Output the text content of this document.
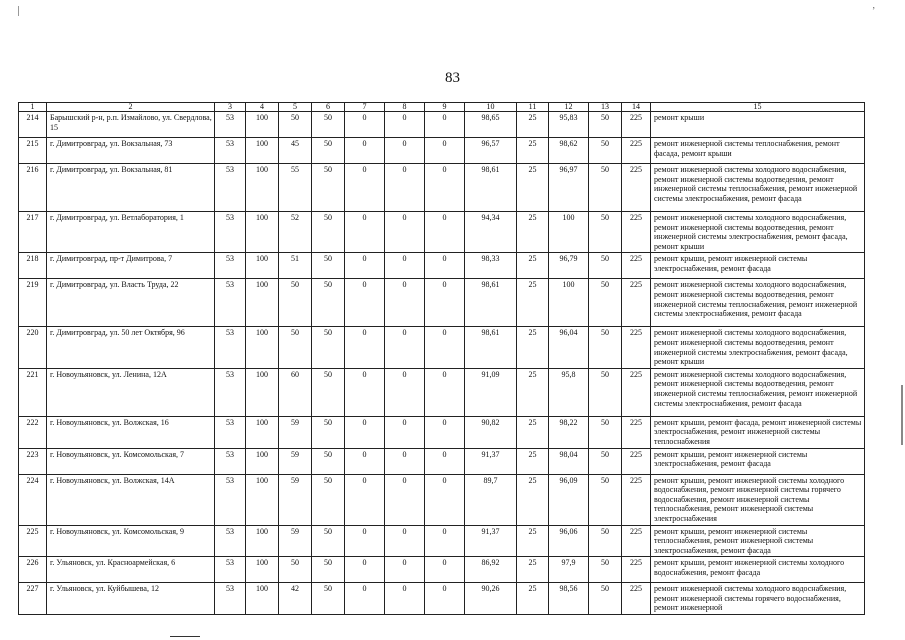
‚
83
1	2	3	4	5	6	7	8	9	10	11	12	13	14	15
214	Барышский р-н, р.п. Измайлово, ул. Свердлова, 15	53	100	50	50	0	0	0	98,65	25	95,83	50	225	ремонт крыши
215	г. Димитровград, ул. Вокзальная, 73	53	100	45	50	0	0	0	96,57	25	98,62	50	225	ремонт инженерной системы теплоснабжения, ремонт фасада, ремонт крыши
216	г. Димитровград, ул. Вокзальная, 81	53	100	55	50	0	0	0	98,61	25	96,97	50	225	ремонт инженерной системы холодного водоснабжения, ремонт инженерной системы водоотведения, ремонт инженерной системы теплоснабжения, ремонт инженерной системы электроснабжения, ремонт фасада
217	г. Димитровград, ул. Ветлаборатория, 1	53	100	52	50	0	0	0	94,34	25	100	50	225	ремонт инженерной системы холодного водоснабжения, ремонт инженерной системы водоотведения, ремонт инженерной системы электроснабжения, ремонт фасада, ремонт крыши
218	г. Димитровград, пр-т Димитрова, 7	53	100	51	50	0	0	0	98,33	25	96,79	50	225	ремонт крыши, ремонт инженерной системы электроснабжения, ремонт фасада
219	г. Димитровград, ул. Власть Труда, 22	53	100	50	50	0	0	0	98,61	25	100	50	225	ремонт инженерной системы холодного водоснабжения, ремонт инженерной системы водоотведения, ремонт инженерной системы теплоснабжения, ремонт инженерной системы электроснабжения, ремонт фасада
220	г. Димитровград, ул. 50 лет Октября, 96	53	100	50	50	0	0	0	98,61	25	96,04	50	225	ремонт инженерной системы холодного водоснабжения, ремонт инженерной системы водоотведения, ремонт инженерной системы электроснабжения, ремонт фасада, ремонт крыши
221	г. Новоульяновск, ул. Ленина, 12А	53	100	60	50	0	0	0	91,09	25	95,8	50	225	ремонт инженерной системы холодного водоснабжения, ремонт инженерной системы водоотведения, ремонт инженерной системы теплоснабжения, ремонт инженерной системы электроснабжения, ремонт фасада
222	г. Новоульяновск, ул. Волжская, 16	53	100	59	50	0	0	0	90,82	25	98,22	50	225	ремонт крыши, ремонт фасада, ремонт инженерной системы электроснабжения, ремонт инженерной системы теплоснабжения
223	г. Новоульяновск, ул. Комсомольская, 7	53	100	59	50	0	0	0	91,37	25	98,04	50	225	ремонт крыши, ремонт инженерной системы электроснабжения, ремонт фасада
224	г. Новоульяновск, ул. Волжская, 14А	53	100	59	50	0	0	0	89,7	25	96,09	50	225	ремонт крыши, ремонт инженерной системы холодного водоснабжения, ремонт инженерной системы горячего водоснабжения, ремонт инженерной системы теплоснабжения, ремонт инженерной системы электроснабжения
225	г. Новоульяновск, ул. Комсомольская, 9	53	100	59	50	0	0	0	91,37	25	96,06	50	225	ремонт крыши, ремонт инженерной системы теплоснабжения, ремонт инженерной системы электроснабжения, ремонт фасада
226	г. Ульяновск, ул. Красноармейская, 6	53	100	50	50	0	0	0	86,92	25	97,9	50	225	ремонт крыши, ремонт инженерной системы холодного водоснабжения, ремонт фасада
227	г. Ульяновск, ул. Куйбышева, 12	53	100	42	50	0	0	0	90,26	25	98,56	50	225	ремонт инженерной системы холодного водоснабжения, ремонт инженерной системы горячего водоснабжения, ремонт инженерной
